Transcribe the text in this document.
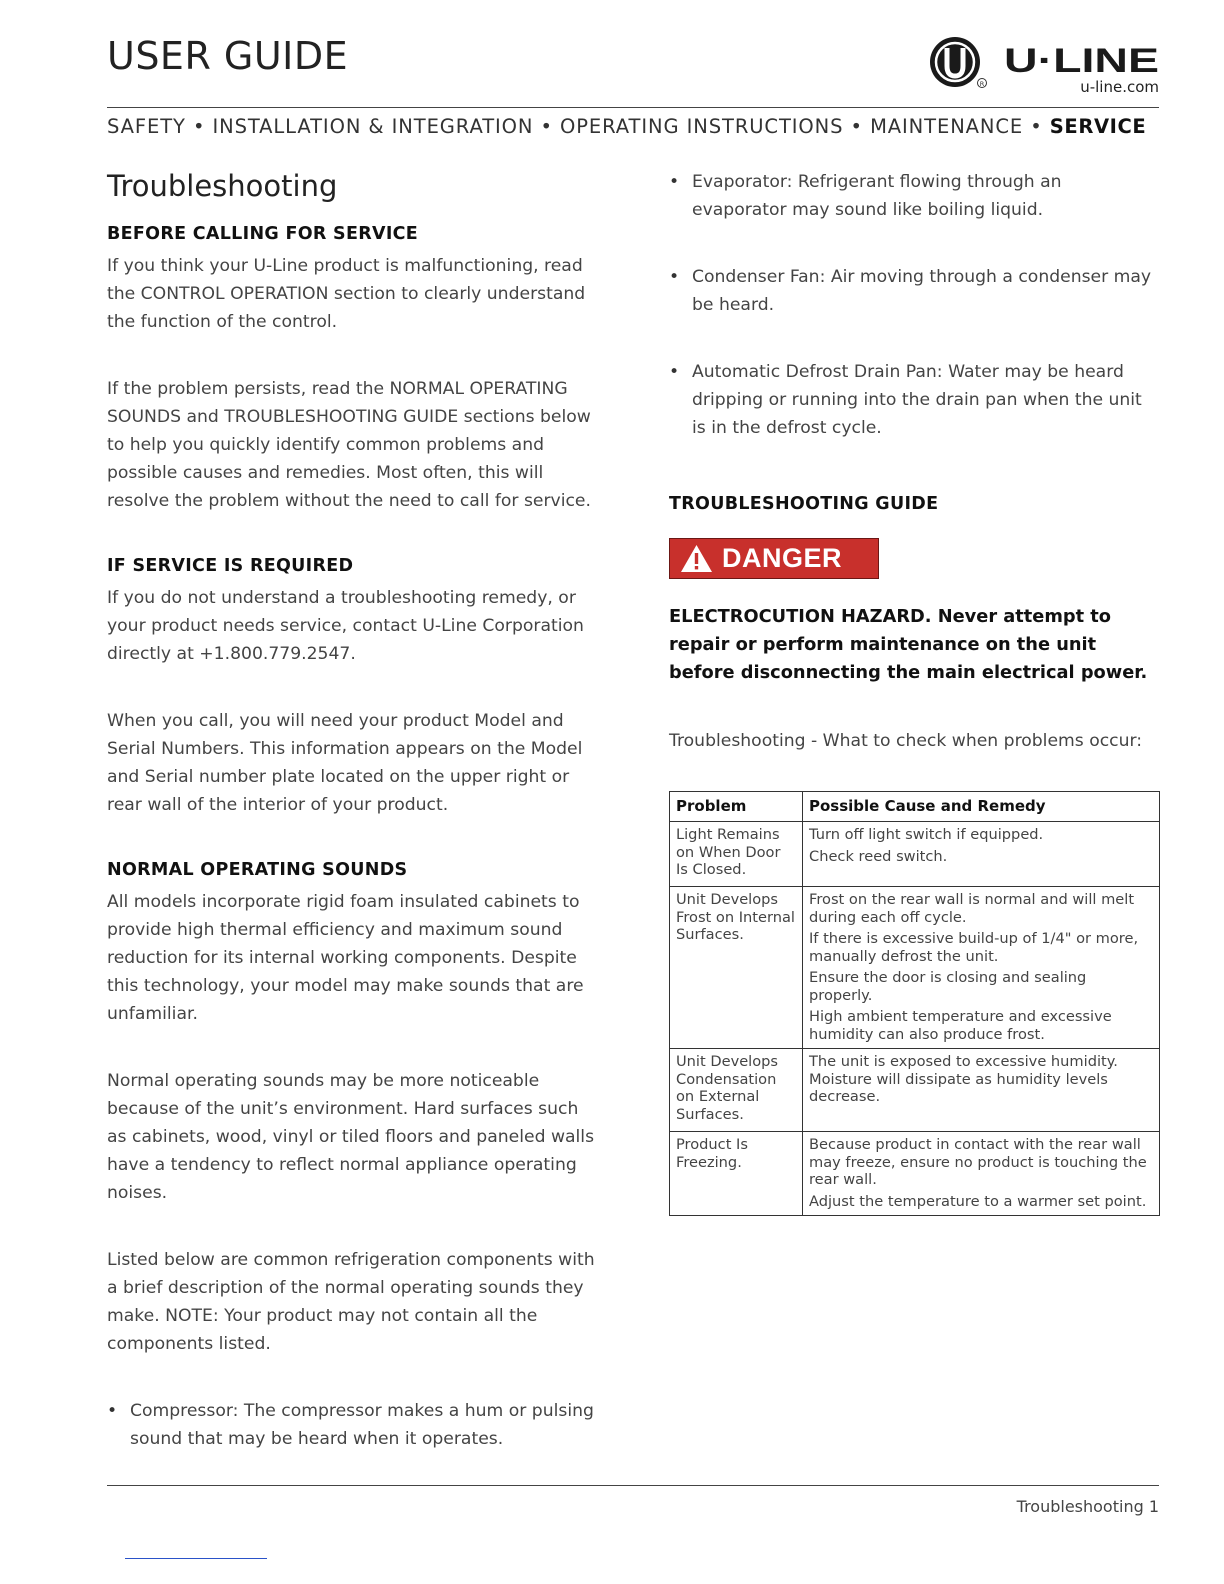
USER GUIDE
R
U·LINE
u-line.com
SAFETY • INSTALLATION & INTEGRATION • OPERATING INSTRUCTIONS • MAINTENANCE • SERVICE
Troubleshooting
BEFORE CALLING FOR SERVICE

If you think your U-Line product is malfunctioning, read the CONTROL OPERATION section to clearly understand the function of the control.

If the problem persists, read the NORMAL OPERATING SOUNDS and TROUBLESHOOTING GUIDE sections below to help you quickly identify common problems and possible causes and remedies. Most often, this will resolve the problem without the need to call for service.

IF SERVICE IS REQUIRED

If you do not understand a troubleshooting remedy, or your product needs service, contact U-Line Corporation directly at +1.800.779.2547.

When you call, you will need your product Model and Serial Numbers. This information appears on the Model and Serial number plate located on the upper right or rear wall of the interior of your product.

NORMAL OPERATING SOUNDS

All models incorporate rigid foam insulated cabinets to provide high thermal efficiency and maximum sound reduction for its internal working components. Despite this technology, your model may make sounds that are unfamiliar.

Normal operating sounds may be more noticeable because of the unit’s environment. Hard surfaces such as cabinets, wood, vinyl or tiled floors and paneled walls have a tendency to reflect normal appliance operating noises.

Listed below are common refrigeration components with a brief description of the normal operating sounds they make. NOTE: Your product may not contain all the components listed.

• Compressor: The compressor makes a hum or pulsing sound that may be heard when it operates.
• Evaporator: Refrigerant flowing through an evaporator may sound like boiling liquid.
• Condenser Fan: Air moving through a condenser may be heard.
• Automatic Defrost Drain Pan: Water may be heard dripping or running into the drain pan when the unit is in the defrost cycle.
TROUBLESHOOTING GUIDE
DANGER
ELECTROCUTION HAZARD. Never attempt to repair or perform maintenance on the unit before disconnecting the main electrical power.
Troubleshooting - What to check when problems occur:
Problem	Possible Cause and Remedy
Light Remains on When Door Is Closed.	Turn off light switch if equipped.
Check reed switch.

Unit Develops Frost on Internal Surfaces.	Frost on the rear wall is normal and will melt during each off cycle.
If there is excessive build-up of 1/4" or more, manually defrost the unit.
Ensure the door is closing and sealing properly.
High ambient temperature and excessive humidity can also produce frost.

Unit Develops Condensation on External Surfaces.	The unit is exposed to excessive humidity. Moisture will dissipate as humidity levels decrease.

Product Is Freezing.	Because product in contact with the rear wall may freeze, ensure no product is touching the rear wall.
Adjust the temperature to a warmer set point.
Troubleshooting 1
